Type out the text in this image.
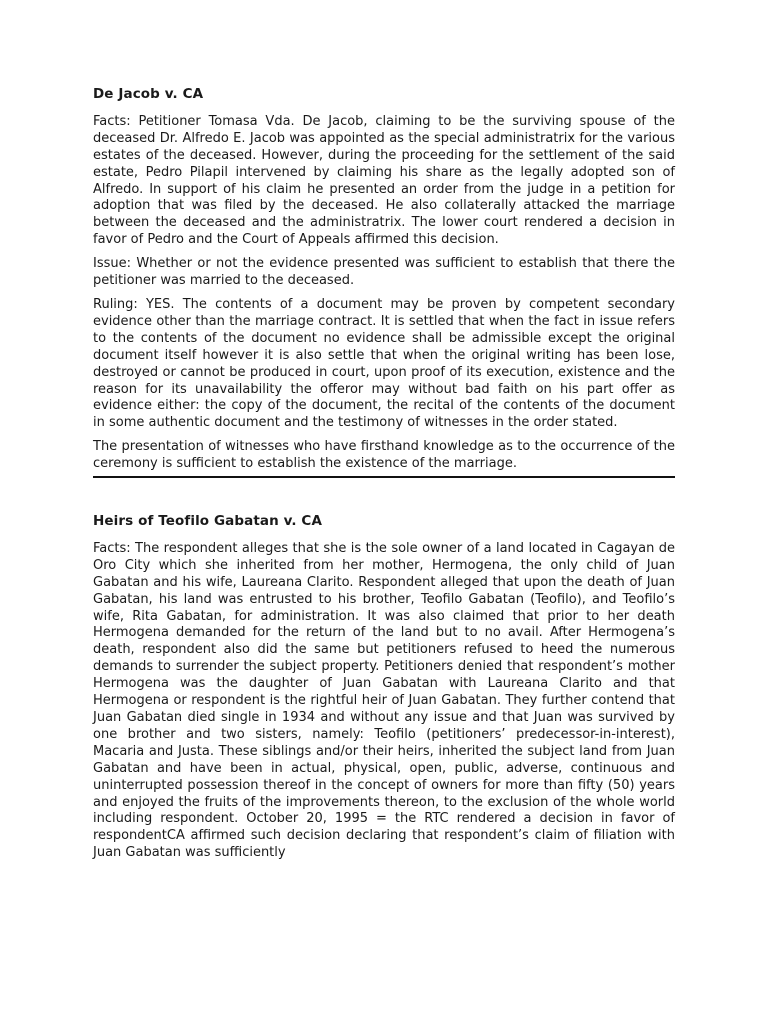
De Jacob v. CA

Facts: Petitioner Tomasa Vda. De Jacob, claiming to be the surviving spouse of the deceased Dr. Alfredo E. Jacob was appointed as the special administratrix for the various estates of the deceased. However, during the proceeding for the settlement of the said estate, Pedro Pilapil intervened by claiming his share as the legally adopted son of Alfredo. In support of his claim he presented an order from the judge in a petition for adoption that was filed by the deceased. He also collaterally attacked the marriage between the deceased and the administratrix. The lower court rendered a decision in favor of Pedro and the Court of Appeals affirmed this decision.

Issue: Whether or not the evidence presented was sufficient to establish that there the petitioner was married to the deceased.

Ruling: YES. The contents of a document may be proven by competent secondary evidence other than the marriage contract. It is settled that when the fact in issue refers to the contents of the document no evidence shall be admissible except the original document itself however it is also settle that when the original writing has been lose, destroyed or cannot be produced in court, upon proof of its execution, existence and the reason for its unavailability the offeror may without bad faith on his part offer as evidence either: the copy of the document, the recital of the contents of the document in some authentic document and the testimony of witnesses in the order stated.

The presentation of witnesses who have firsthand knowledge as to the occurrence of the ceremony is sufficient to establish the existence of the marriage.

Heirs of Teofilo Gabatan v. CA

Facts: The respondent alleges that she is the sole owner of a land located in Cagayan de Oro City which she inherited from her mother, Hermogena, the only child of Juan Gabatan and his wife, Laureana Clarito. Respondent alleged that upon the death of Juan Gabatan, his land was entrusted to his brother, Teofilo Gabatan (Teofilo), and Teofilo’s wife, Rita Gabatan, for administration. It was also claimed that prior to her death Hermogena demanded for the return of the land but to no avail. After Hermogena’s death, respondent also did the same but petitioners refused to heed the numerous demands to surrender the subject property. Petitioners denied that respondent’s mother Hermogena was the daughter of Juan Gabatan with Laureana Clarito and that Hermogena or respondent is the rightful heir of Juan Gabatan. They further contend that Juan Gabatan died single in 1934 and without any issue and that Juan was survived by one brother and two sisters, namely: Teofilo (petitioners’ predecessor-in-interest), Macaria and Justa. These siblings and/or their heirs, inherited the subject land from Juan Gabatan and have been in actual, physical, open, public, adverse, continuous and uninterrupted possession thereof in the concept of owners for more than fifty (50) years and enjoyed the fruits of the improvements thereon, to the exclusion of the whole world including respondent. October 20, 1995 = the RTC rendered a decision in favor of respondentCA affirmed such decision declaring that respondent’s claim of filiation with Juan Gabatan was sufficiently
